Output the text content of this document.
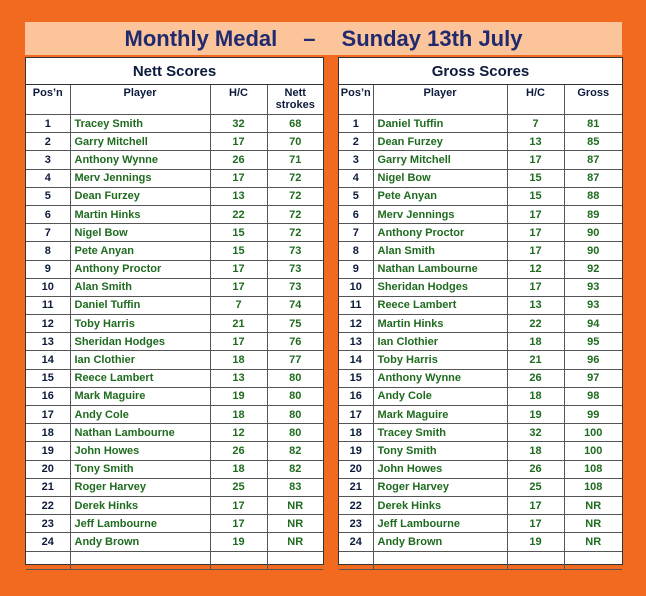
Monthly Medal – Sunday 13th July
Nett Scores
Pos’n	Player	H/C	Nett strokes
1	Tracey Smith	32	68
2	Garry Mitchell	17	70
3	Anthony Wynne	26	71
4	Merv Jennings	17	72
5	Dean Furzey	13	72
6	Martin Hinks	22	72
7	Nigel Bow	15	72
8	Pete Anyan	15	73
9	Anthony Proctor	17	73
10	Alan Smith	17	73
11	Daniel Tuffin	7	74
12	Toby Harris	21	75
13	Sheridan Hodges	17	76
14	Ian Clothier	18	77
15	Reece Lambert	13	80
16	Mark Maguire	19	80
17	Andy Cole	18	80
18	Nathan Lambourne	12	80
19	John Howes	26	82
20	Tony Smith	18	82
21	Roger Harvey	25	83
22	Derek Hinks	17	NR
23	Jeff Lambourne	17	NR
24	Andy Brown	19	NR

Gross Scores
Pos’n	Player	H/C	Gross
1	Daniel Tuffin	7	81
2	Dean Furzey	13	85
3	Garry Mitchell	17	87
4	Nigel Bow	15	87
5	Pete Anyan	15	88
6	Merv Jennings	17	89
7	Anthony Proctor	17	90
8	Alan Smith	17	90
9	Nathan Lambourne	12	92
10	Sheridan Hodges	17	93
11	Reece Lambert	13	93
12	Martin Hinks	22	94
13	Ian Clothier	18	95
14	Toby Harris	21	96
15	Anthony Wynne	26	97
16	Andy Cole	18	98
17	Mark Maguire	19	99
18	Tracey Smith	32	100
19	Tony Smith	18	100
20	John Howes	26	108
21	Roger Harvey	25	108
22	Derek Hinks	17	NR
23	Jeff Lambourne	17	NR
24	Andy Brown	19	NR
